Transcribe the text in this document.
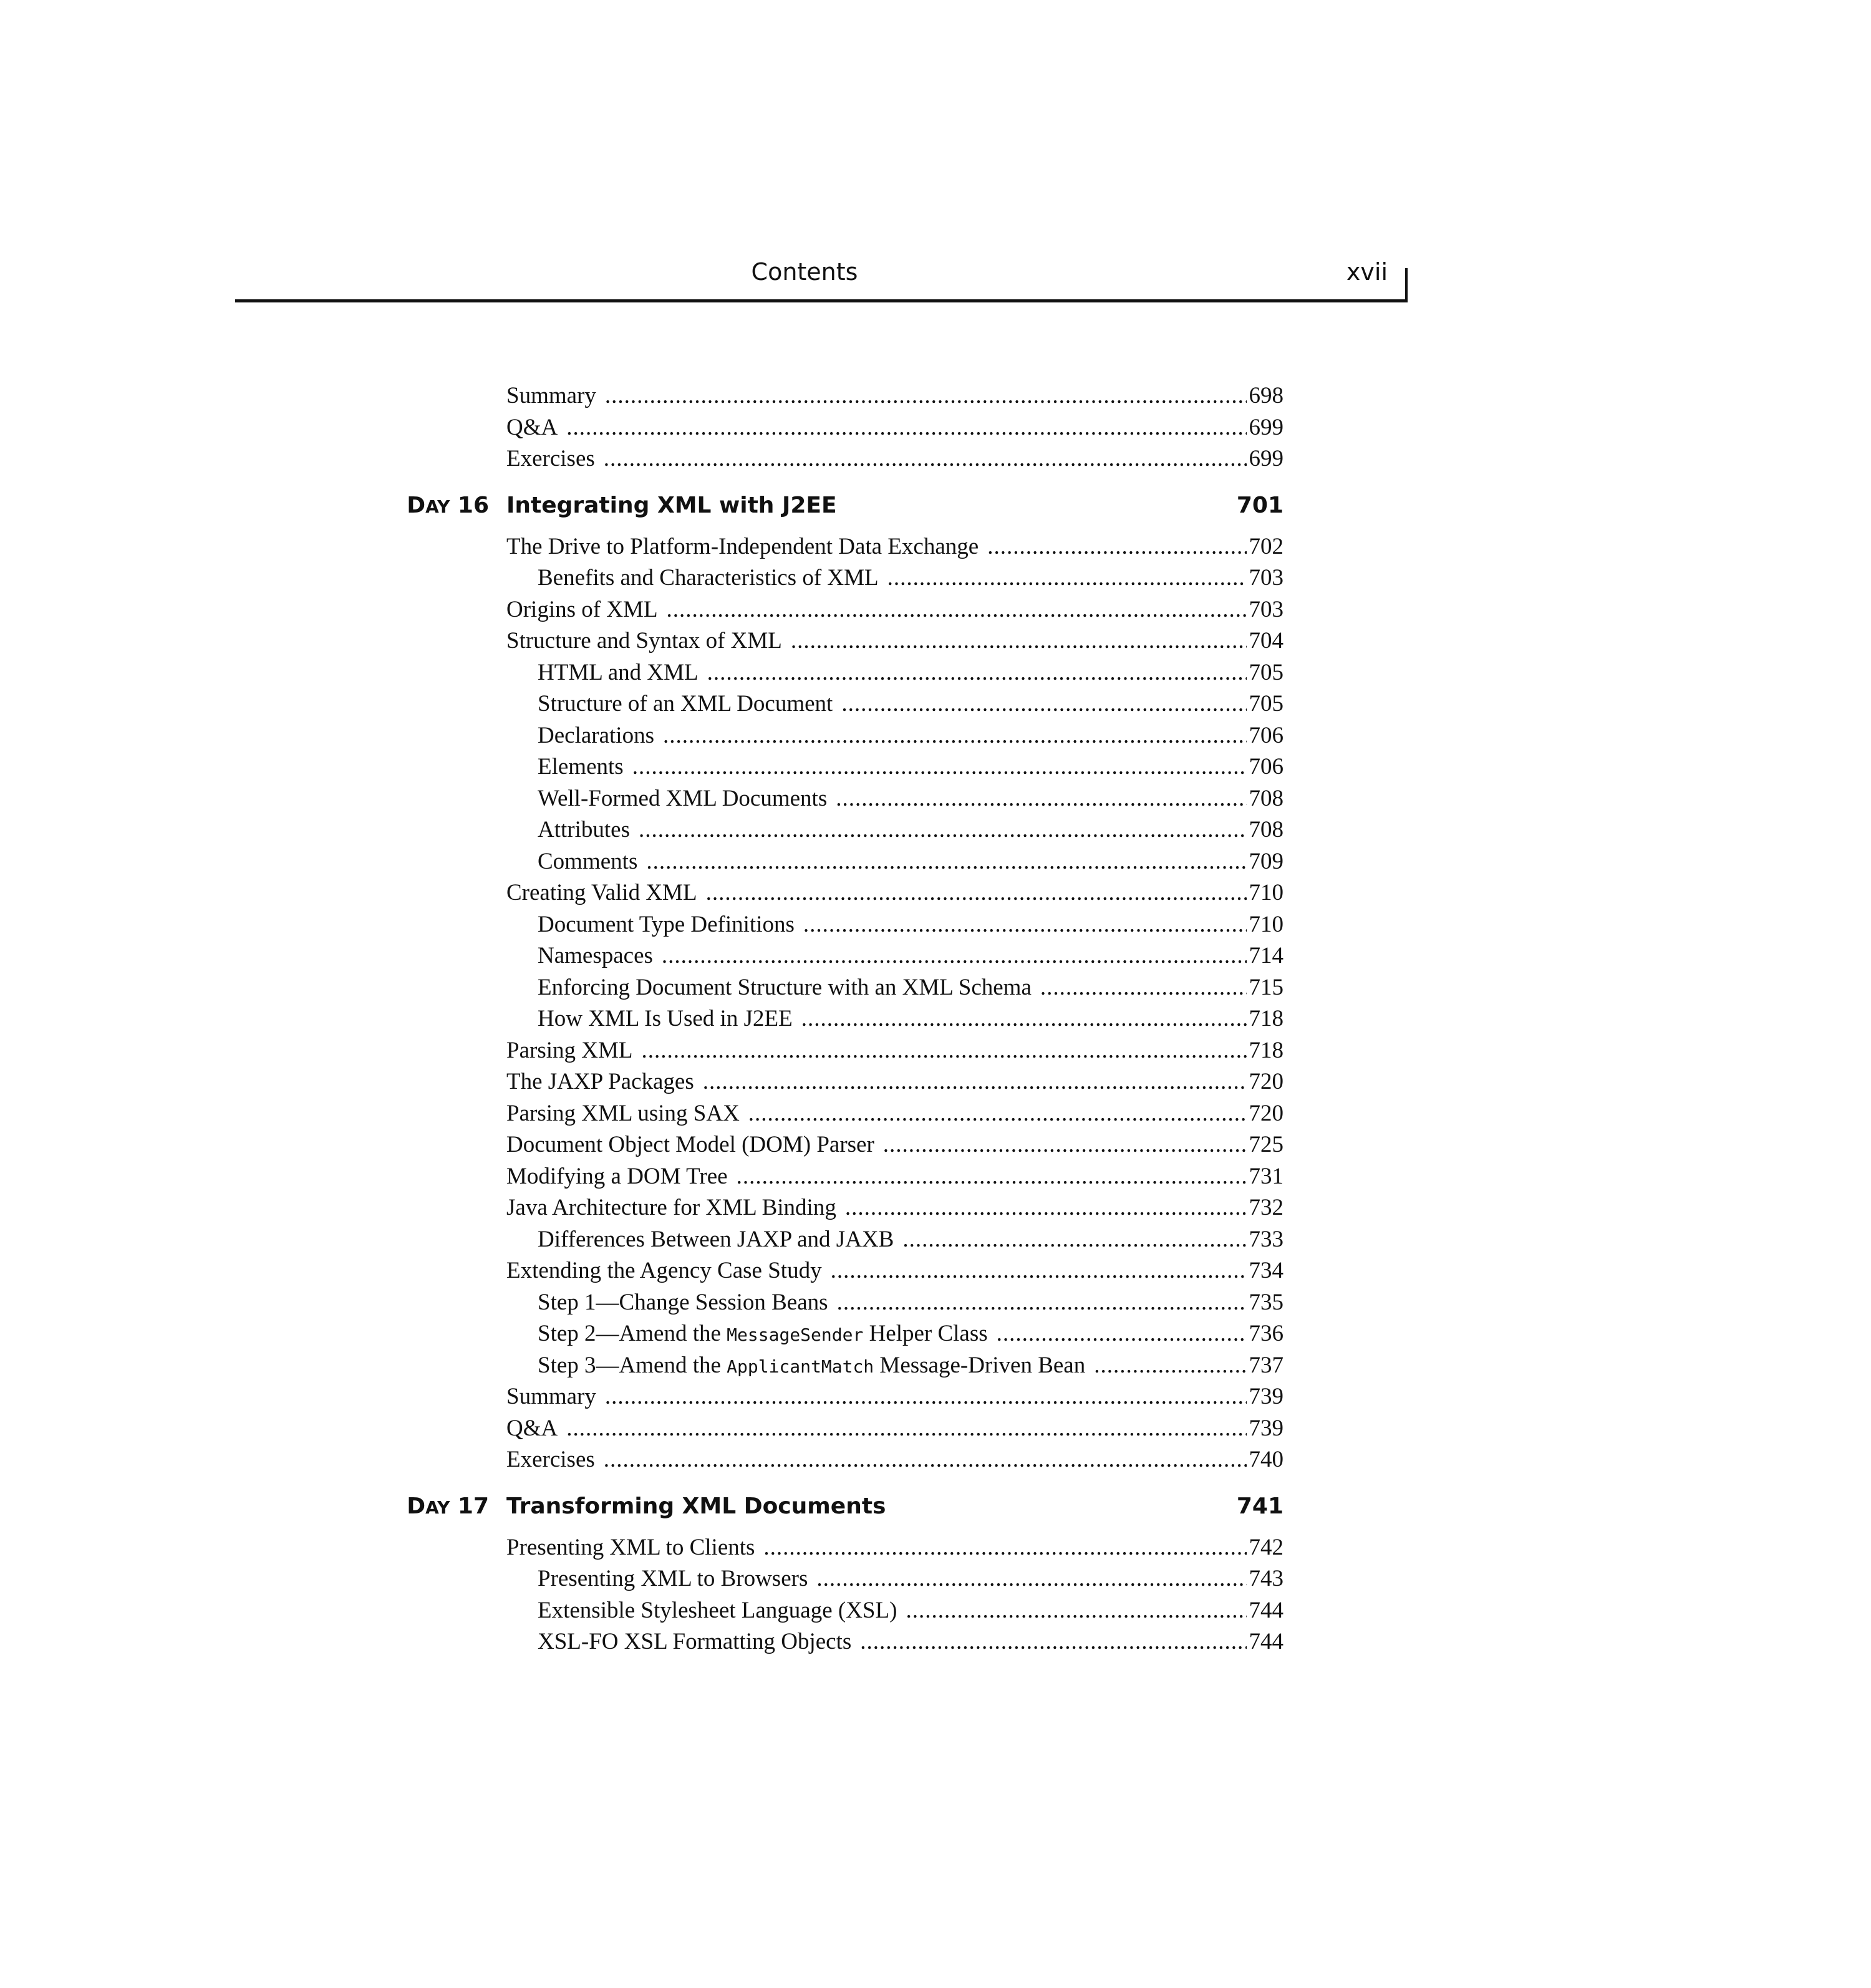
Contents	xvii
Summary .....	698
Q&A .....	699
Exercises .....	699
DAY 16 Integrating XML with J2EE	701
The Drive to Platform-Independent Data Exchange .....	702
Benefits and Characteristics of XML .....	703
Origins of XML .....	703
Structure and Syntax of XML .....	704
HTML and XML .....	705
Structure of an XML Document .....	705
Declarations .....	706
Elements .....	706
Well-Formed XML Documents .....	708
Attributes .....	708
Comments .....	709
Creating Valid XML .....	710
Document Type Definitions .....	710
Namespaces .....	714
Enforcing Document Structure with an XML Schema .....	715
How XML Is Used in J2EE .....	718
Parsing XML .....	718
The JAXP Packages .....	720
Parsing XML using SAX .....	720
Document Object Model (DOM) Parser .....	725
Modifying a DOM Tree .....	731
Java Architecture for XML Binding .....	732
Differences Between JAXP and JAXB .....	733
Extending the Agency Case Study .....	734
Step 1—Change Session Beans .....	735
Step 2—Amend the MessageSender Helper Class .....	736
Step 3—Amend the ApplicantMatch Message-Driven Bean .....	737
Summary .....	739
Q&A .....	739
Exercises .....	740
DAY 17 Transforming XML Documents	741
Presenting XML to Clients .....	742
Presenting XML to Browsers .....	743
Extensible Stylesheet Language (XSL) .....	744
XSL-FO XSL Formatting Objects .....	744
